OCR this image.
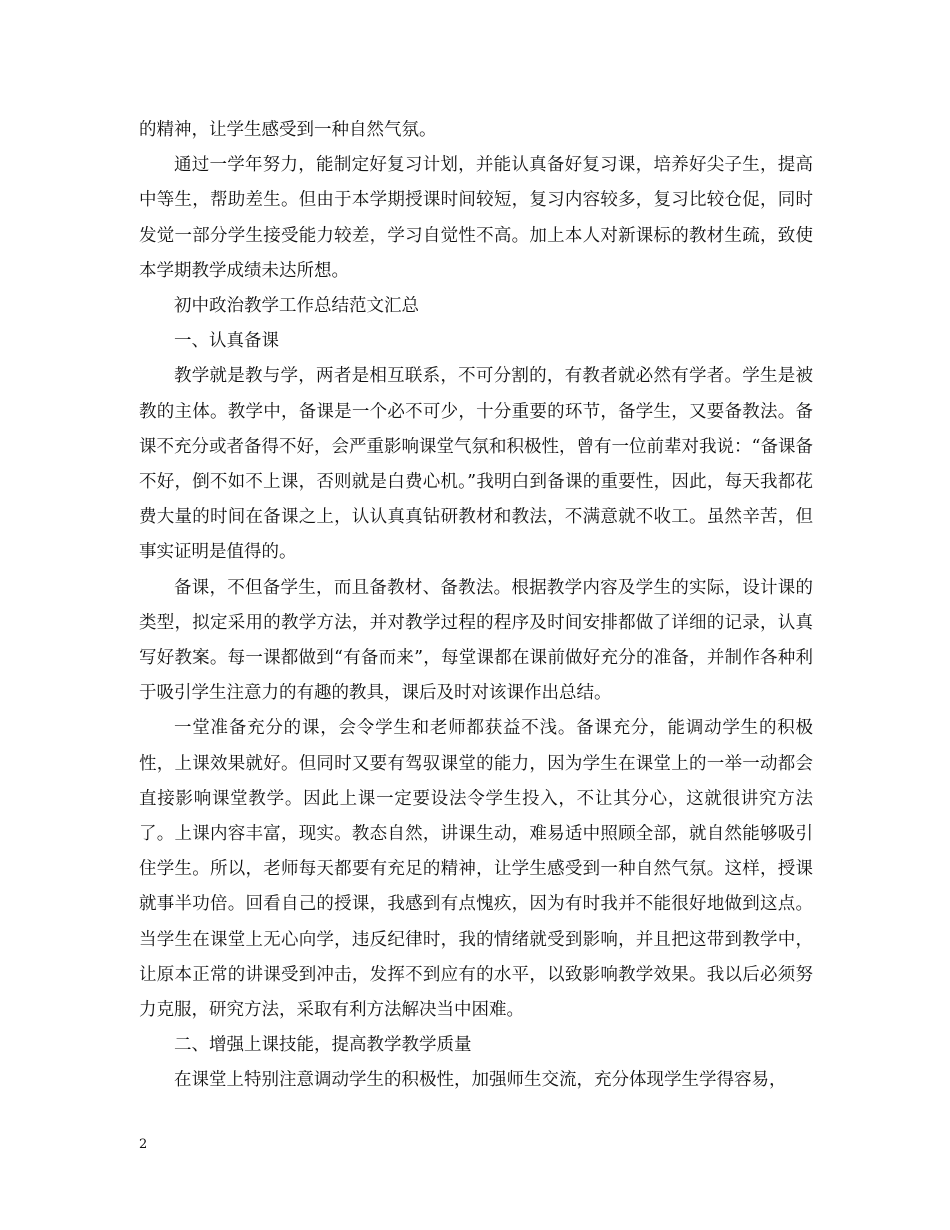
的精神，让学生感受到一种自然气氛。

通过一学年努力，能制定好复习计划，并能认真备好复习课，培养好尖子生，提高中等生，帮助差生。但由于本学期授课时间较短，复习内容较多，复习比较仓促，同时发觉一部分学生接受能力较差，学习自觉性不高。加上本人对新课标的教材生疏，致使本学期教学成绩未达所想。

初中政治教学工作总结范文汇总

一、认真备课

教学就是教与学，两者是相互联系，不可分割的，有教者就必然有学者。学生是被教的主体。教学中，备课是一个必不可少，十分重要的环节，备学生，又要备教法。备课不充分或者备得不好，会严重影响课堂气氛和积极性，曾有一位前辈对我说：“备课备不好，倒不如不上课，否则就是白费心机。”我明白到备课的重要性，因此，每天我都花费大量的时间在备课之上，认认真真钻研教材和教法，不满意就不收工。虽然辛苦，但事实证明是值得的。

备课，不但备学生，而且备教材、备教法。根据教学内容及学生的实际，设计课的类型，拟定采用的教学方法，并对教学过程的程序及时间安排都做了详细的记录，认真写好教案。每一课都做到“有备而来”，每堂课都在课前做好充分的准备，并制作各种利于吸引学生注意力的有趣的教具，课后及时对该课作出总结。

一堂准备充分的课，会令学生和老师都获益不浅。备课充分，能调动学生的积极性，上课效果就好。但同时又要有驾驭课堂的能力，因为学生在课堂上的一举一动都会直接影响课堂教学。因此上课一定要设法令学生投入，不让其分心，这就很讲究方法了。上课内容丰富，现实。教态自然，讲课生动，难易适中照顾全部，就自然能够吸引住学生。所以，老师每天都要有充足的精神，让学生感受到一种自然气氛。这样，授课就事半功倍。回看自己的授课，我感到有点愧疚，因为有时我并不能很好地做到这点。当学生在课堂上无心向学，违反纪律时，我的情绪就受到影响，并且把这带到教学中，让原本正常的讲课受到冲击，发挥不到应有的水平，以致影响教学效果。我以后必须努力克服，研究方法，采取有利方法解决当中困难。

二、增强上课技能，提高教学教学质量

在课堂上特别注意调动学生的积极性，加强师生交流，充分体现学生学得容易，

2
